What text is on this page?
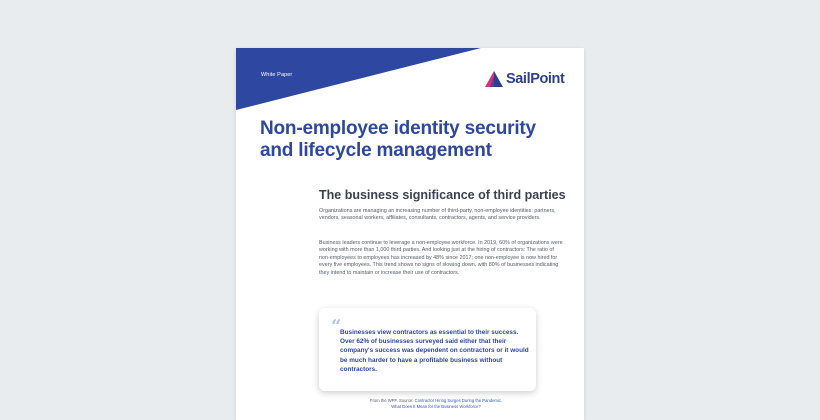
White Paper	SailPoint
Non-employee identity security
and lifecycle management
The business significance of third parties

Organizations are managing an increasing number of third-party, non-employee identities: partners, vendors, seasonal workers, affiliates, consultants, contractors, agents, and service providers.

Business leaders continue to leverage a non-employee workforce. In 2019, 60% of organizations were working with more than 1,000 third parties. And looking just at the hiring of contractors: The ratio of non-employees to employees has increased by 48% since 2017; one non-employee is now hired for every five employees. This trend shows no signs of slowing down, with 80% of businesses indicating they intend to maintain or increase their use of contractors.

“

Businesses view contractors as essential to their success. Over 62% of businesses surveyed said either that their company's success was dependent on contractors or it would be much harder to have a profitable business without contractors.

From the WPF. Source: Contractor Hiring Surges During the Pandemic.
What Does It Mean for the Business Workforce?
